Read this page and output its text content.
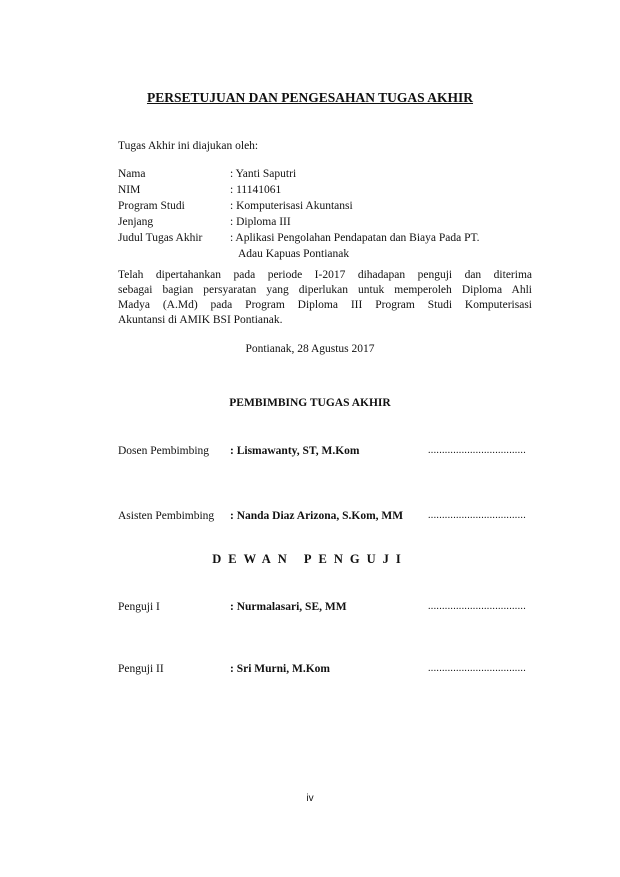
PERSETUJUAN DAN PENGESAHAN TUGAS AKHIR
Tugas Akhir ini diajukan oleh:
Nama	: Yanti Saputri
NIM	: 11141061
Program Studi	: Komputerisasi Akuntansi
Jenjang	: Diploma III
Judul Tugas Akhir : Aplikasi Pengolahan Pendapatan dan Biaya Pada PT.
Adau Kapuas Pontianak
Telah dipertahankan pada periode I-2017 dihadapan penguji dan diterima
sebagai bagian persyaratan yang diperlukan untuk memperoleh Diploma Ahli
Madya (A.Md) pada Program Diploma III Program Studi Komputerisasi
Akuntansi di AMIK BSI Pontianak.
Pontianak, 28 Agustus 2017
PEMBIMBING TUGAS AKHIR
Dosen Pembimbing : Lismawanty, ST, M.Kom	...................................
Asisten Pembimbing : Nanda Diaz Arizona, S.Kom, MM ...................................
DEWAN PENGUJI
Penguji I	: Nurmalasari, SE, MM	...................................
Penguji II	: Sri Murni, M.Kom	...................................
iv
